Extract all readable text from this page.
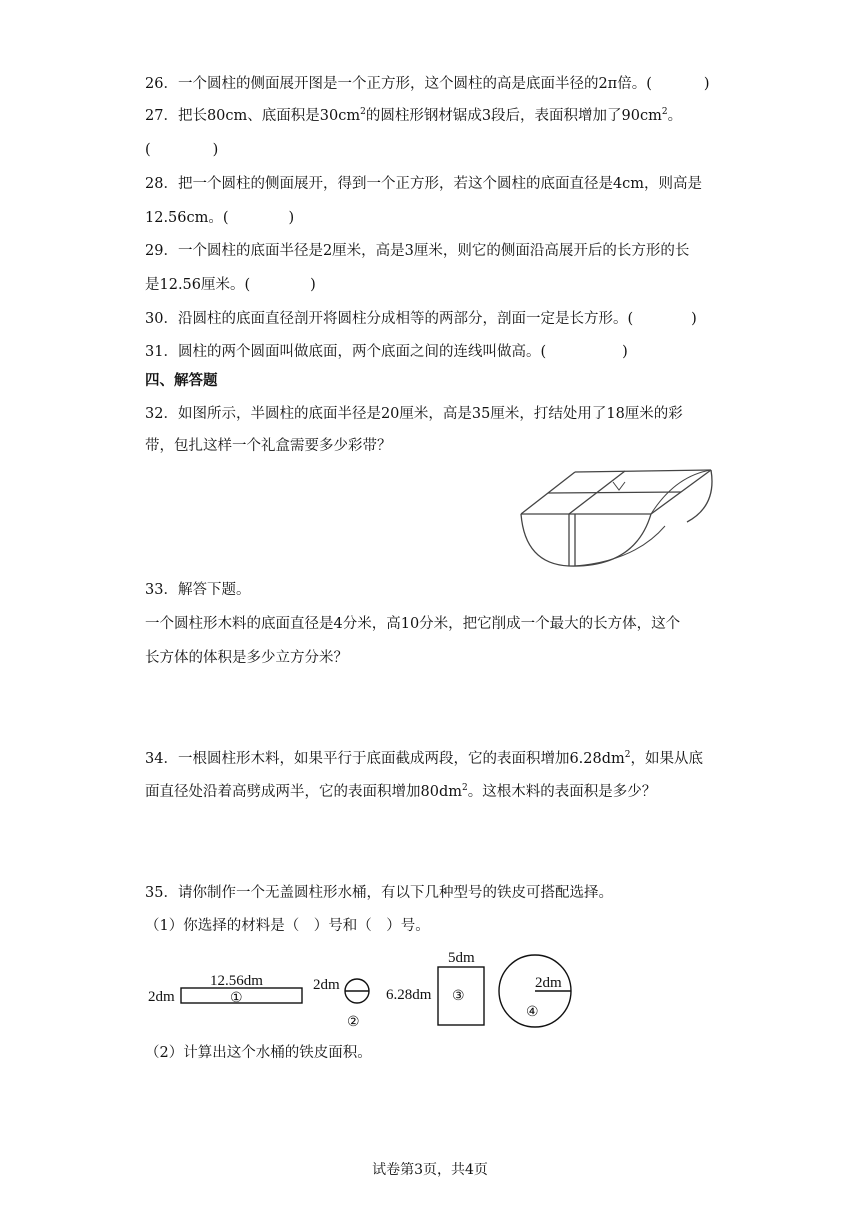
26．一个圆柱的侧面展开图是一个正方形，这个圆柱的高是底面半径的2π倍。(	)
27．把长80cm、底面积是$30cm^2$的圆柱形钢材锯成3段后，表面积增加了$90cm^2$。
(	)
28．把一个圆柱的侧面展开，得到一个正方形，若这个圆柱的底面直径是4cm，则高是
12.56cm。(	)
29．一个圆柱的底面半径是2厘米，高是3厘米，则它的侧面沿高展开后的长方形的长
是12.56厘米。(	)
30．沿圆柱的底面直径剖开将圆柱分成相等的两部分，剖面一定是长方形。(	)
31．圆柱的两个圆面叫做底面，两个底面之间的连线叫做高。(	)
四、解答题
32．如图所示，半圆柱的底面半径是20厘米，高是35厘米，打结处用了18厘米的彩
带，包扎这样一个礼盒需要多少彩带？
33．解答下题。
一个圆柱形木料的底面直径是4分米，高10分米，把它削成一个最大的长方体，这个
长方体的体积是多少立方分米？
34．一根圆柱形木料，如果平行于底面截成两段，它的表面积增加$6.28dm^2$，如果从底
面直径处沿着高劈成两半，它的表面积增加$80dm^2$。这根木料的表面积是多少？
35．请你制作一个无盖圆柱形水桶，有以下几种型号的铁皮可搭配选择。
（1）你选择的材料是（　）号和（　）号。
2dm
12.56dm
①
2dm
②
5dm
6.28dm ③
2dm
④
（2）计算出这个水桶的铁皮面积。
试卷第3页，共4页
